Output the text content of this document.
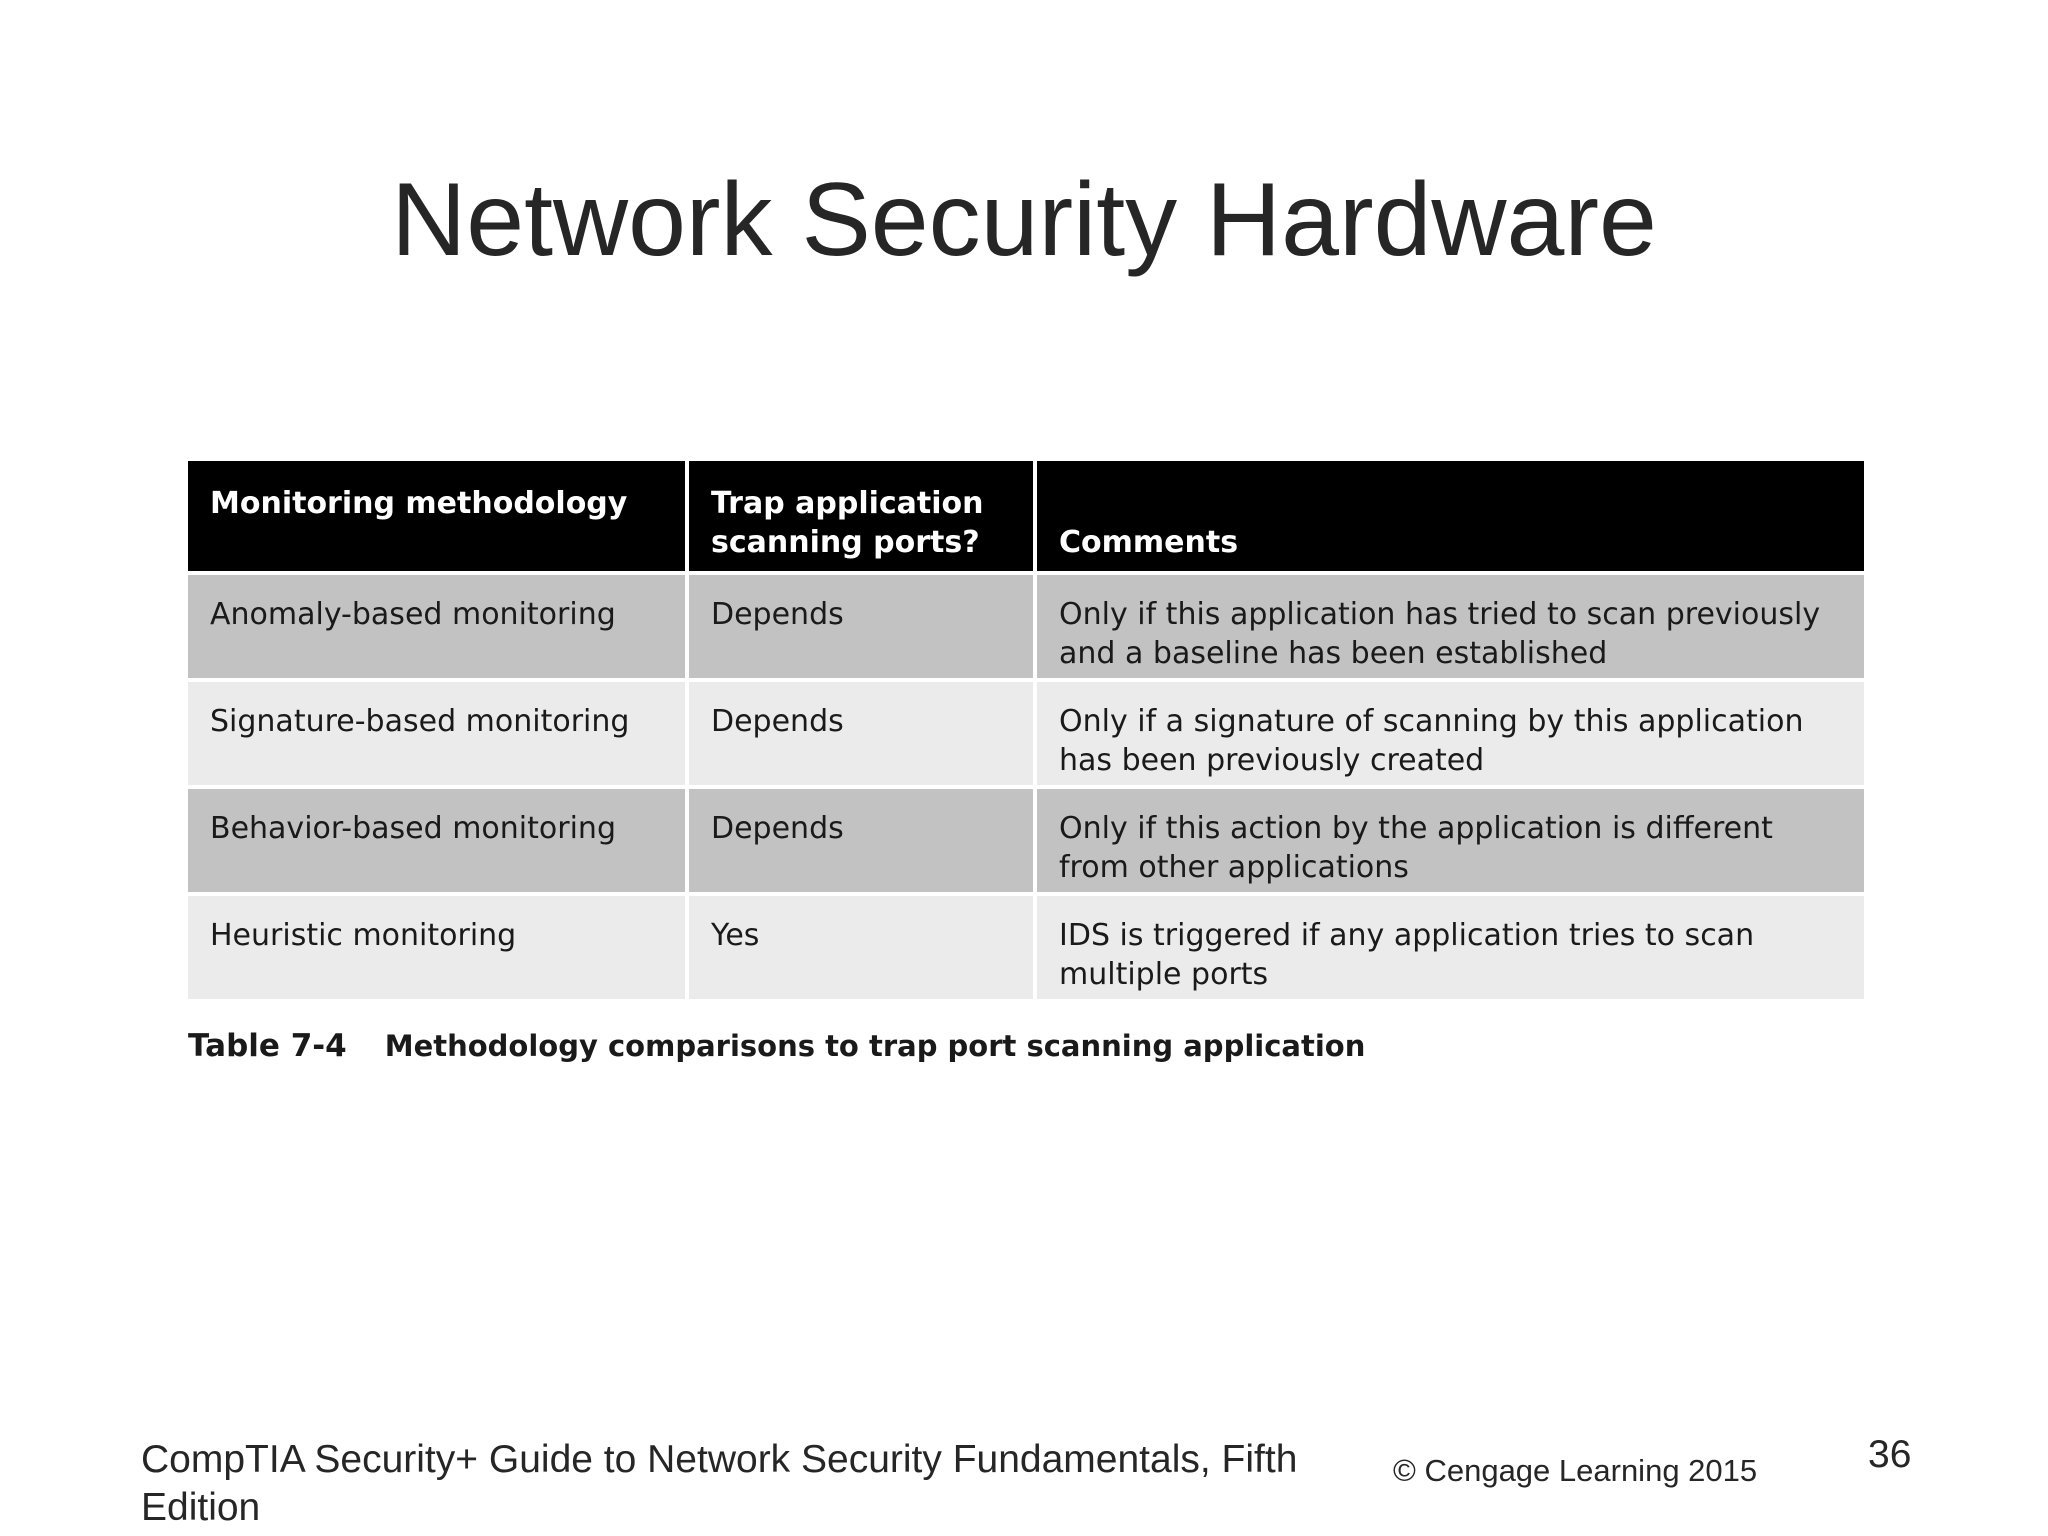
Network Security Hardware
Monitoring methodology	Trap application scanning ports?	Comments
Anomaly-based monitoring	Depends	Only if this application has tried to scan previously and a baseline has been established
Signature-based monitoring	Depends	Only if a signature of scanning by this application has been previously created
Behavior-based monitoring	Depends	Only if this action by the application is different from other applications
Heuristic monitoring	Yes	IDS is triggered if any application tries to scan multiple ports
Table 7-4 Methodology comparisons to trap port scanning application
CompTIA Security+ Guide to Network Security Fundamentals, Fifth Edition
© Cengage Learning 2015	36
